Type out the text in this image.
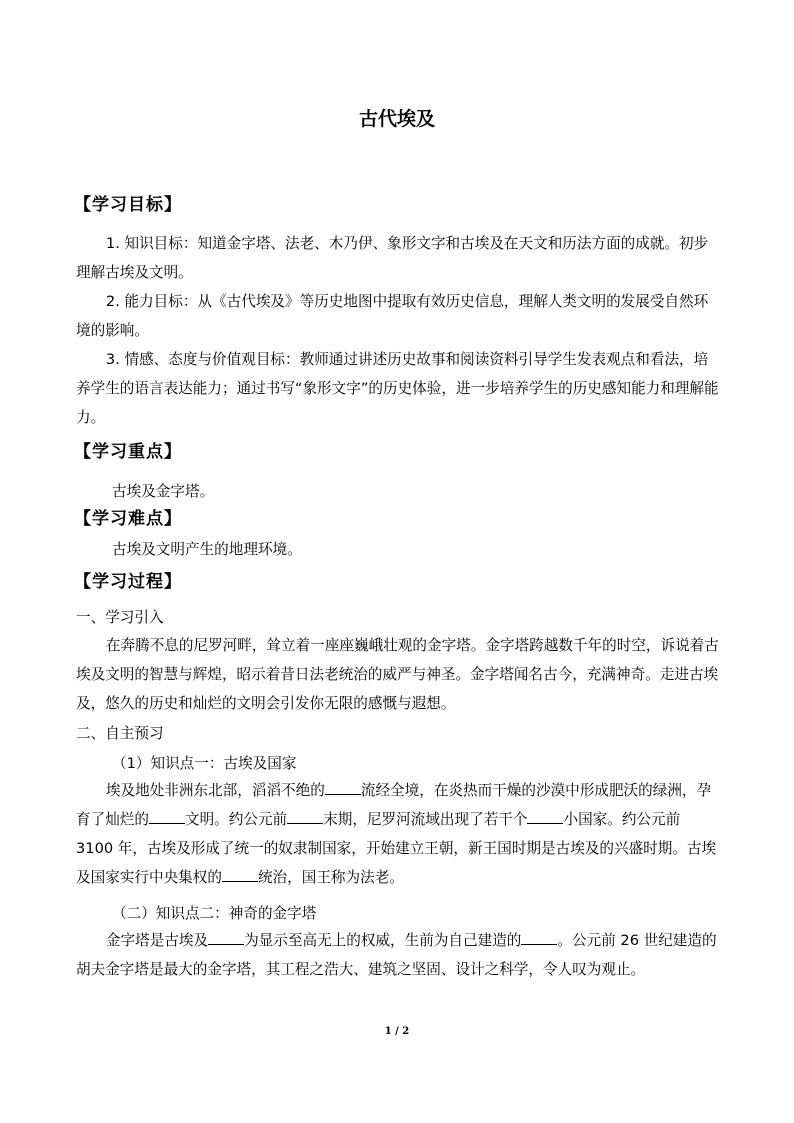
古代埃及
【学习目标】
1. 知识目标：知道金字塔、法老、木乃伊、象形文字和古埃及在天文和历法方面的成就。初步理解古埃及文明。
2. 能力目标：从《古代埃及》等历史地图中提取有效历史信息，理解人类文明的发展受自然环境的影响。
3. 情感、态度与价值观目标：教师通过讲述历史故事和阅读资料引导学生发表观点和看法，培养学生的语言表达能力；通过书写“象形文字”的历史体验，进一步培养学生的历史感知能力和理解能力。
【学习重点】
古埃及金字塔。
【学习难点】
古埃及文明产生的地理环境。
【学习过程】
一、学习引入
在奔腾不息的尼罗河畔，耸立着一座座巍峨壮观的金字塔。金字塔跨越数千年的时空，诉说着古埃及文明的智慧与辉煌，昭示着昔日法老统治的威严与神圣。金字塔闻名古今，充满神奇。走进古埃及，悠久的历史和灿烂的文明会引发你无限的感慨与遐想。
二、自主预习
（1）知识点一：古埃及国家
埃及地处非洲东北部，滔滔不绝的 流经全境，在炎热而干燥的沙漠中形成肥沃的绿洲，孕育了灿烂的 文明。约公元前 末期，尼罗河流域出现了若干个 小国家。约公元前 3100 年，古埃及形成了统一的奴隶制国家，开始建立王朝，新王国时期是古埃及的兴盛时期。古埃及国家实行中央集权的 统治，国王称为法老。
（二）知识点二：神奇的金字塔
金字塔是古埃及 为显示至高无上的权威，生前为自己建造的 。公元前 26 世纪建造的胡夫金字塔是最大的金字塔，其工程之浩大、建筑之坚固、设计之科学，令人叹为观止。
1 / 2
